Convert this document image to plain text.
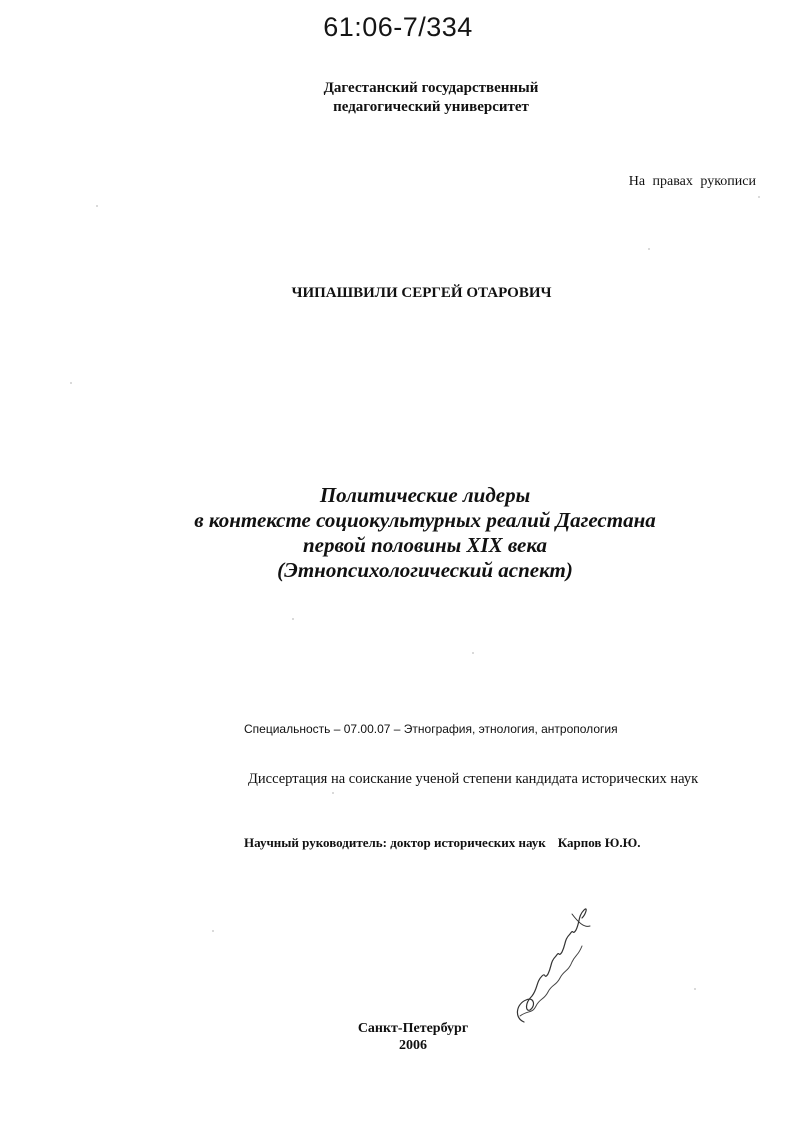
61:06-7/334
Дагестанский государственный
педагогический университет
На правах рукописи
ЧИПАШВИЛИ СЕРГЕЙ ОТАРОВИЧ
Политические лидеры
в контексте социокультурных реалий Дагестана
первой половины XIX века
(Этнопсихологический аспект)
Специальность – 07.00.07 – Этнография, этнология, антропология
Диссертация на соискание ученой степени кандидата исторических наук
Научный руководитель: доктор исторических наук Карпов Ю.Ю.
Санкт-Петербург
2006
